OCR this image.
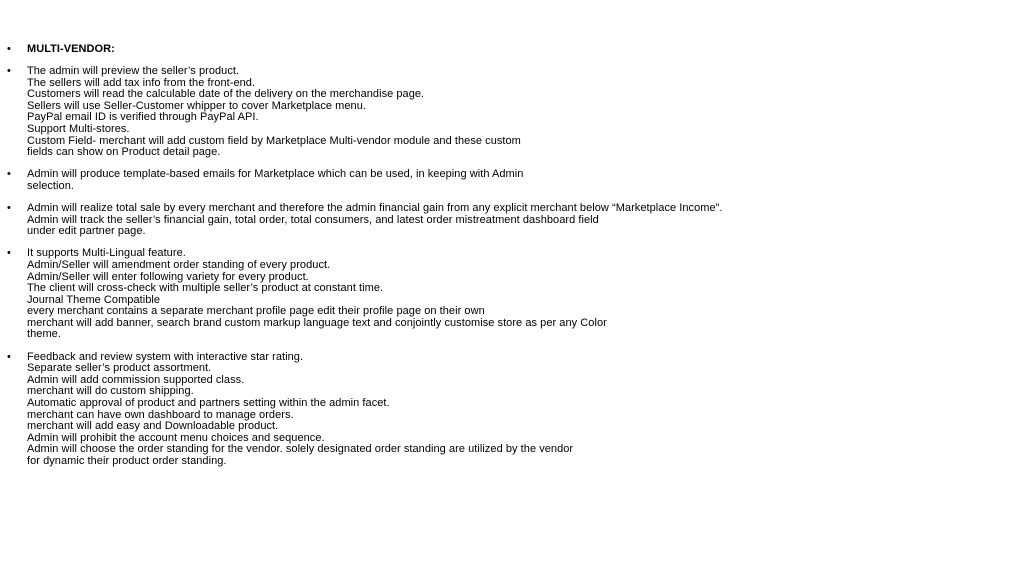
•	MULTI-VENDOR:
•	The admin will preview the seller’s product.
The sellers will add tax info from the front-end.
Customers will read the calculable date of the delivery on the merchandise page.
Sellers will use Seller-Customer whipper to cover Marketplace menu.
PayPal email ID is verified through PayPal API.
Support Multi-stores.
Custom Field- merchant will add custom field by Marketplace Multi-vendor module and these custom
fields can show on Product detail page.
•	Admin will produce template-based emails for Marketplace which can be used, in keeping with Admin
selection.
•	Admin will realize total sale by every merchant and therefore the admin financial gain from any explicit merchant below “Marketplace Income”.
Admin will track the seller’s financial gain, total order, total consumers, and latest order mistreatment dashboard field
under edit partner page.
•	It supports Multi-Lingual feature.
Admin/Seller will amendment order standing of every product.
Admin/Seller will enter following variety for every product.
The client will cross-check with multiple seller’s product at constant time.
Journal Theme Compatible
every merchant contains a separate merchant profile page edit their profile page on their own
merchant will add banner, search brand custom markup language text and conjointly customise store as per any Color
theme.
•	Feedback and review system with interactive star rating.
Separate seller’s product assortment.
Admin will add commission supported class.
merchant will do custom shipping.
Automatic approval of product and partners setting within the admin facet.
merchant can have own dashboard to manage orders.
merchant will add easy and Downloadable product.
Admin will prohibit the account menu choices and sequence.
Admin will choose the order standing for the vendor. solely designated order standing are utilized by the vendor
for dynamic their product order standing.
